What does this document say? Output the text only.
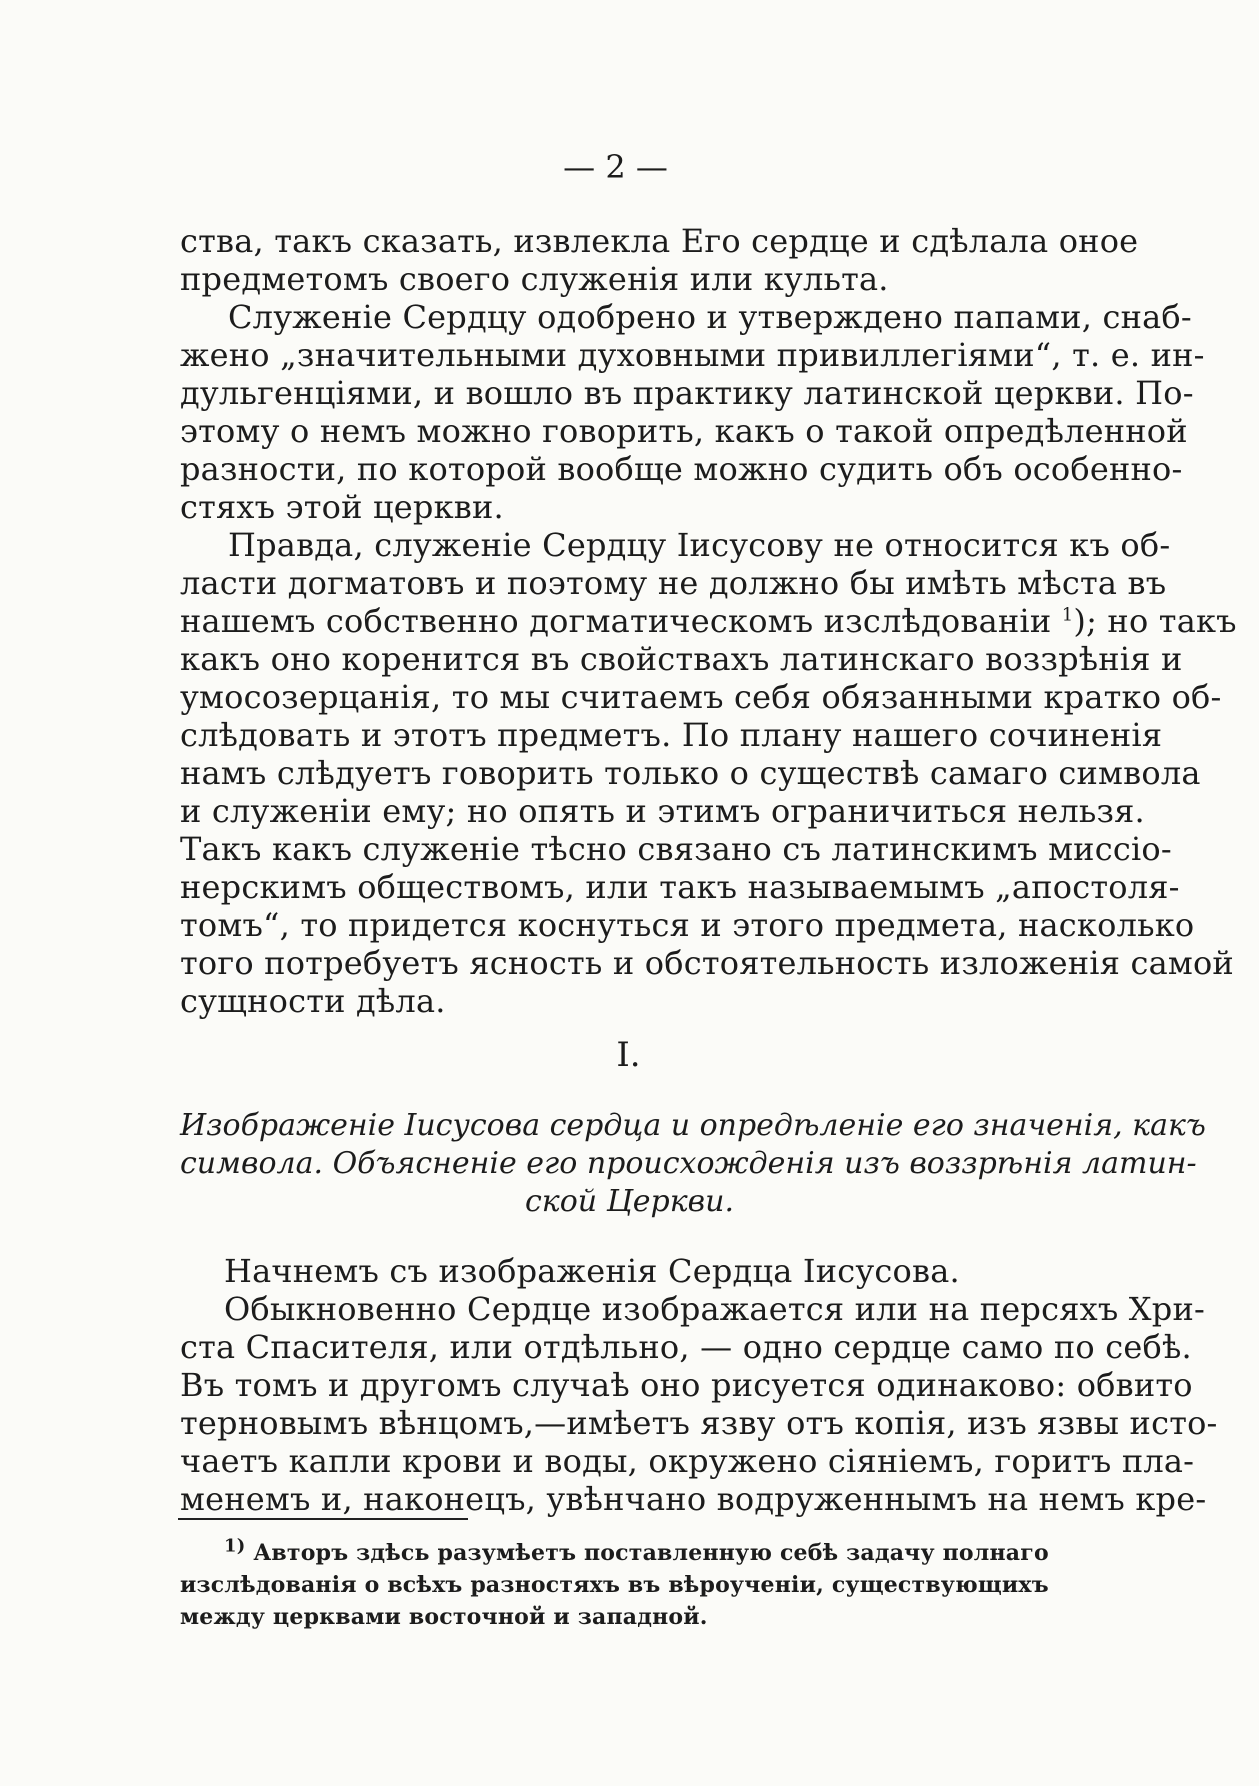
— 2 —
ства, такъ сказать, извлекла Его сердце и сдѣлала оное
предметомъ своего служенія или культа.
Служеніе Сердцу одобрено и утверждено папами, снаб-
жено „значительными духовными привиллегіями“, т. е. ин-
дульгенціями, и вошло въ практику латинской церкви. По-
этому о немъ можно говорить, какъ о такой опредѣленной
разности, по которой вообще можно судить объ особенно-
стяхъ этой церкви.
Правда, служеніе Сердцу Іисусову не относится къ об-
ласти догматовъ и поэтому не должно бы имѣть мѣста въ
нашемъ собственно догматическомъ изслѣдованіи $^1$); но такъ
какъ оно коренится въ свойствахъ латинскаго воззрѣнія и
умосозерцанія, то мы считаемъ себя обязанными кратко об-
слѣдовать и этотъ предметъ. По плану нашего сочиненія
намъ слѣдуетъ говорить только о существѣ самаго символа
и служеніи ему; но опять и этимъ ограничиться нельзя.
Такъ какъ служеніе тѣсно связано съ латинскимъ миссіо-
нерскимъ обществомъ, или такъ называемымъ „апостоля-
томъ“, то придется коснуться и этого предмета, насколько
того потребуетъ ясность и обстоятельность изложенія самой
сущности дѣла.
I.
Изображеніе Іисусова сердца и опредѣленіе его значенія, какъ
символа. Объясненіе его происхожденія изъ воззрѣнія латин-
ской Церкви.
Начнемъ съ изображенія Сердца Іисусова.
Обыкновенно Сердце изображается или на персяхъ Хри-
ста Спасителя, или отдѣльно, — одно сердце само по себѣ.
Въ томъ и другомъ случаѣ оно рисуется одинаково: обвито
терновымъ вѣнцомъ,—имѣетъ язву отъ копія, изъ язвы исто-
чаетъ капли крови и воды, окружено сіяніемъ, горитъ пла-
менемъ и, наконецъ, увѣнчано водруженнымъ на немъ кре-
$^{1)}$ Авторъ здѣсь разумѣетъ поставленную себѣ задачу полнаго
изслѣдованія о всѣхъ разностяхъ въ вѣроученіи, существующихъ
между церквами восточной и западной.
